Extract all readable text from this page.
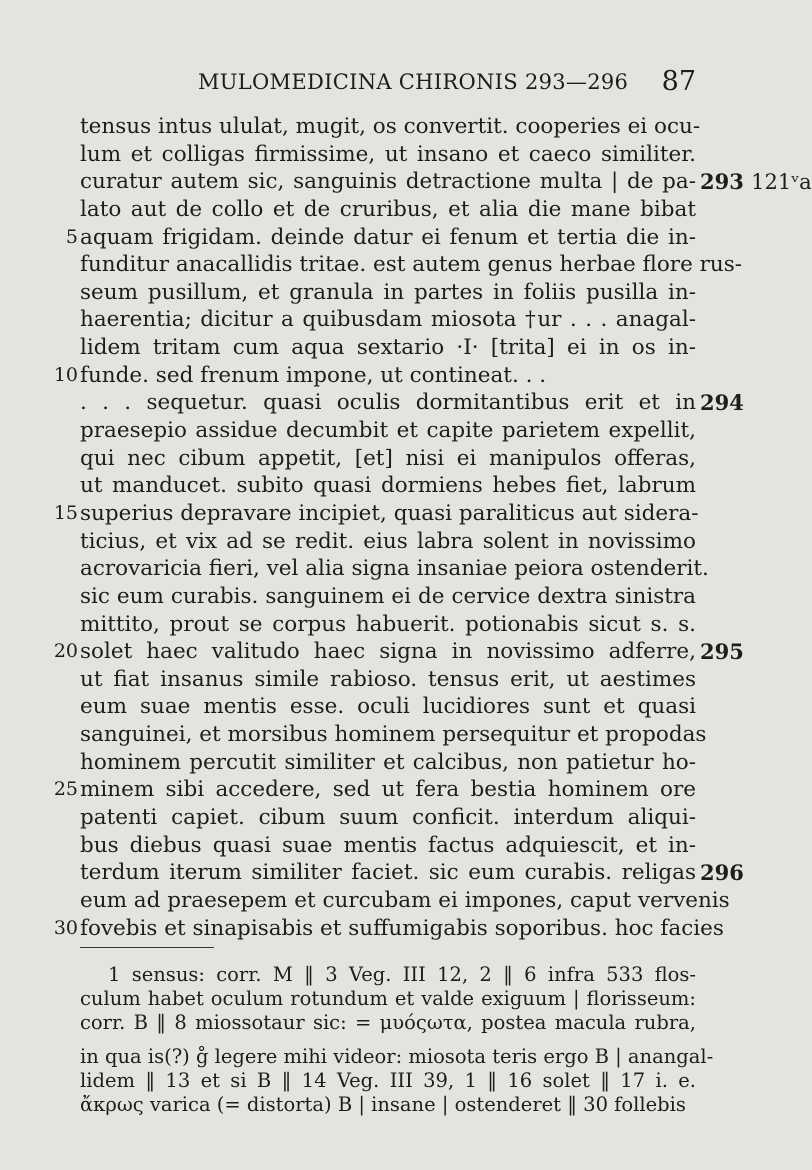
MULOMEDICINA CHIRONIS 293—296 87
tensus intus ululat, mugit, os convertit. cooperies ei ocu-
lum et colligas firmissime, ut insano et caeco similiter.
curatur autem sic, sanguinis detractione multa | de pa- 293 121ᵛa
lato aut de collo et de cruribus, et alia die mane bibat
5 aquam frigidam. deinde datur ei fenum et tertia die in-
funditur anacallidis tritae. est autem genus herbae flore rus-
seum pusillum, et granula in partes in foliis pusilla in-
haerentia; dicitur a quibusdam miosota †ur . . . anagal-
lidem tritam cum aqua sextario ·I· [trita] ei in os in-
10 funde. sed frenum impone, ut contineat. . .
. . . sequetur. quasi oculis dormitantibus erit et in 294
praesepio assidue decumbit et capite parietem expellit,
qui nec cibum appetit, [et] nisi ei manipulos offeras,
ut manducet. subito quasi dormiens hebes fiet, labrum
15 superius depravare incipiet, quasi paraliticus aut sidera-
ticius, et vix ad se redit. eius labra solent in novissimo
acrovaricia fieri, vel alia signa insaniae peiora ostenderit.
sic eum curabis. sanguinem ei de cervice dextra sinistra
mittito, prout se corpus habuerit. potionabis sicut s. s.
20 solet haec valitudo haec signa in novissimo adferre, 295
ut fiat insanus simile rabioso. tensus erit, ut aestimes
eum suae mentis esse. oculi lucidiores sunt et quasi
sanguinei, et morsibus hominem persequitur et propodas
hominem percutit similiter et calcibus, non patietur ho-
25 minem sibi accedere, sed ut fera bestia hominem ore
patenti capiet. cibum suum conficit. interdum aliqui-
bus diebus quasi suae mentis factus adquiescit, et in-
terdum iterum similiter faciet. sic eum curabis. religas 296
eum ad praesepem et curcubam ei impones, caput vervenis
30 fovebis et sinapisabis et suffumigabis soporibus. hoc facies
1 sensus: corr. M ‖ 3 Veg. III 12, 2 ‖ 6 infra 533 flos-
culum habet oculum rotundum et valde exiguum | florisseum:
corr. B ‖ 8 miossotaur sic: = μυόςωτα, postea macula rubra,
in qua is(?) g̊ legere mihi videor: miosota teris ergo B | anangal-
lidem ‖ 13 et si B ‖ 14 Veg. III 39, 1 ‖ 16 solet ‖ 17 i. e.
ἄκρως varica (= distorta) B | insane | ostenderet ‖ 30 follebis
